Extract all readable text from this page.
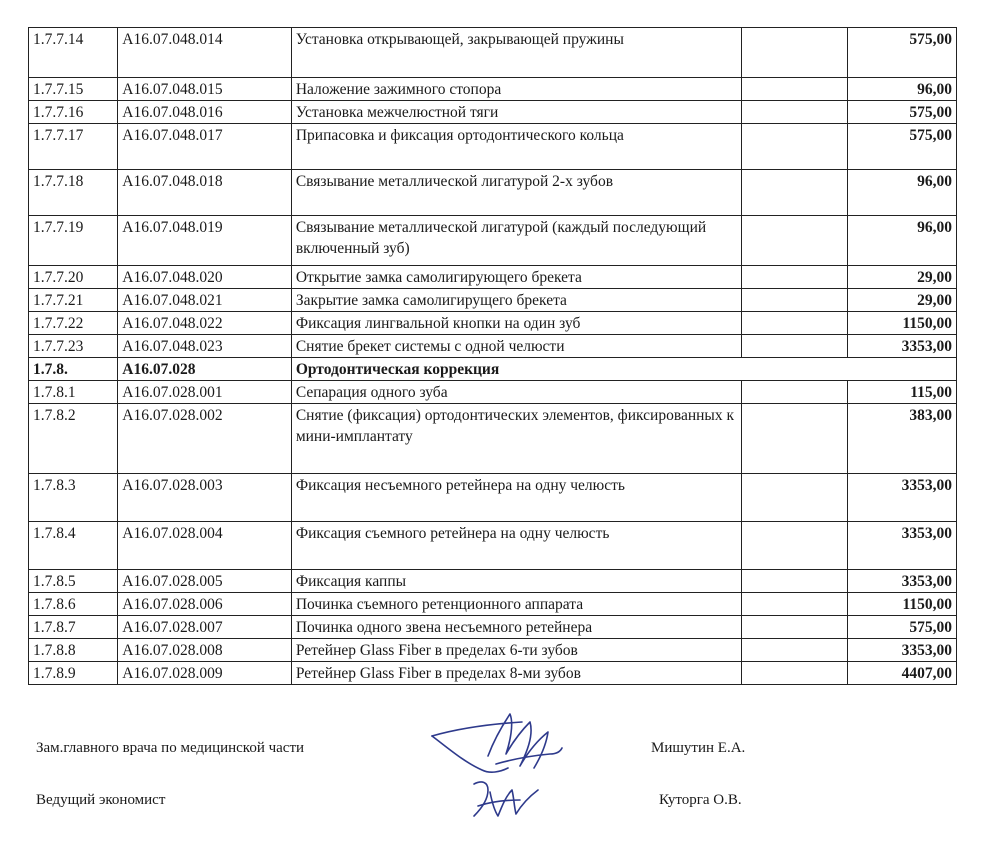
1.7.7.14	A16.07.048.014	Установка открывающей, закрывающей пружины		575,00
1.7.7.15	A16.07.048.015	Наложение зажимного стопора		96,00
1.7.7.16	A16.07.048.016	Установка межчелюстной тяги		575,00
1.7.7.17	A16.07.048.017	Припасовка и фиксация ортодонтического кольца		575,00
1.7.7.18	A16.07.048.018	Связывание металлической лигатурой 2-х зубов		96,00
1.7.7.19	A16.07.048.019	Связывание металлической лигатурой (каждый последующий включенный зуб)		96,00
1.7.7.20	A16.07.048.020	Открытие замка самолигирующего брекета		29,00
1.7.7.21	A16.07.048.021	Закрытие замка самолигирущего брекета		29,00
1.7.7.22	A16.07.048.022	Фиксация лингвальной кнопки на один зуб		1150,00
1.7.7.23	A16.07.048.023	Снятие брекет системы с одной челюсти		3353,00
1.7.8.	A16.07.028	Ортодонтическая коррекция		
1.7.8.1	A16.07.028.001	Сепарация одного зуба		115,00
1.7.8.2	A16.07.028.002	Снятие (фиксация) ортодонтических элементов, фиксированных к мини-имплантату		383,00
1.7.8.3	A16.07.028.003	Фиксация несъемного ретейнера на одну челюсть		3353,00
1.7.8.4	A16.07.028.004	Фиксация съемного ретейнера на одну челюсть		3353,00
1.7.8.5	A16.07.028.005	Фиксация каппы		3353,00
1.7.8.6	A16.07.028.006	Починка съемного ретенционного аппарата		1150,00
1.7.8.7	A16.07.028.007	Починка одного звена несъемного ретейнера		575,00
1.7.8.8	A16.07.028.008	Ретейнер Glass Fiber в пределах 6-ти зубов		3353,00
1.7.8.9	A16.07.028.009	Ретейнер Glass Fiber в пределах 8-ми зубов		4407,00
Зам.главного врача по медицинской части	Мишутин Е.А.
Ведущий экономист	Куторга О.В.
